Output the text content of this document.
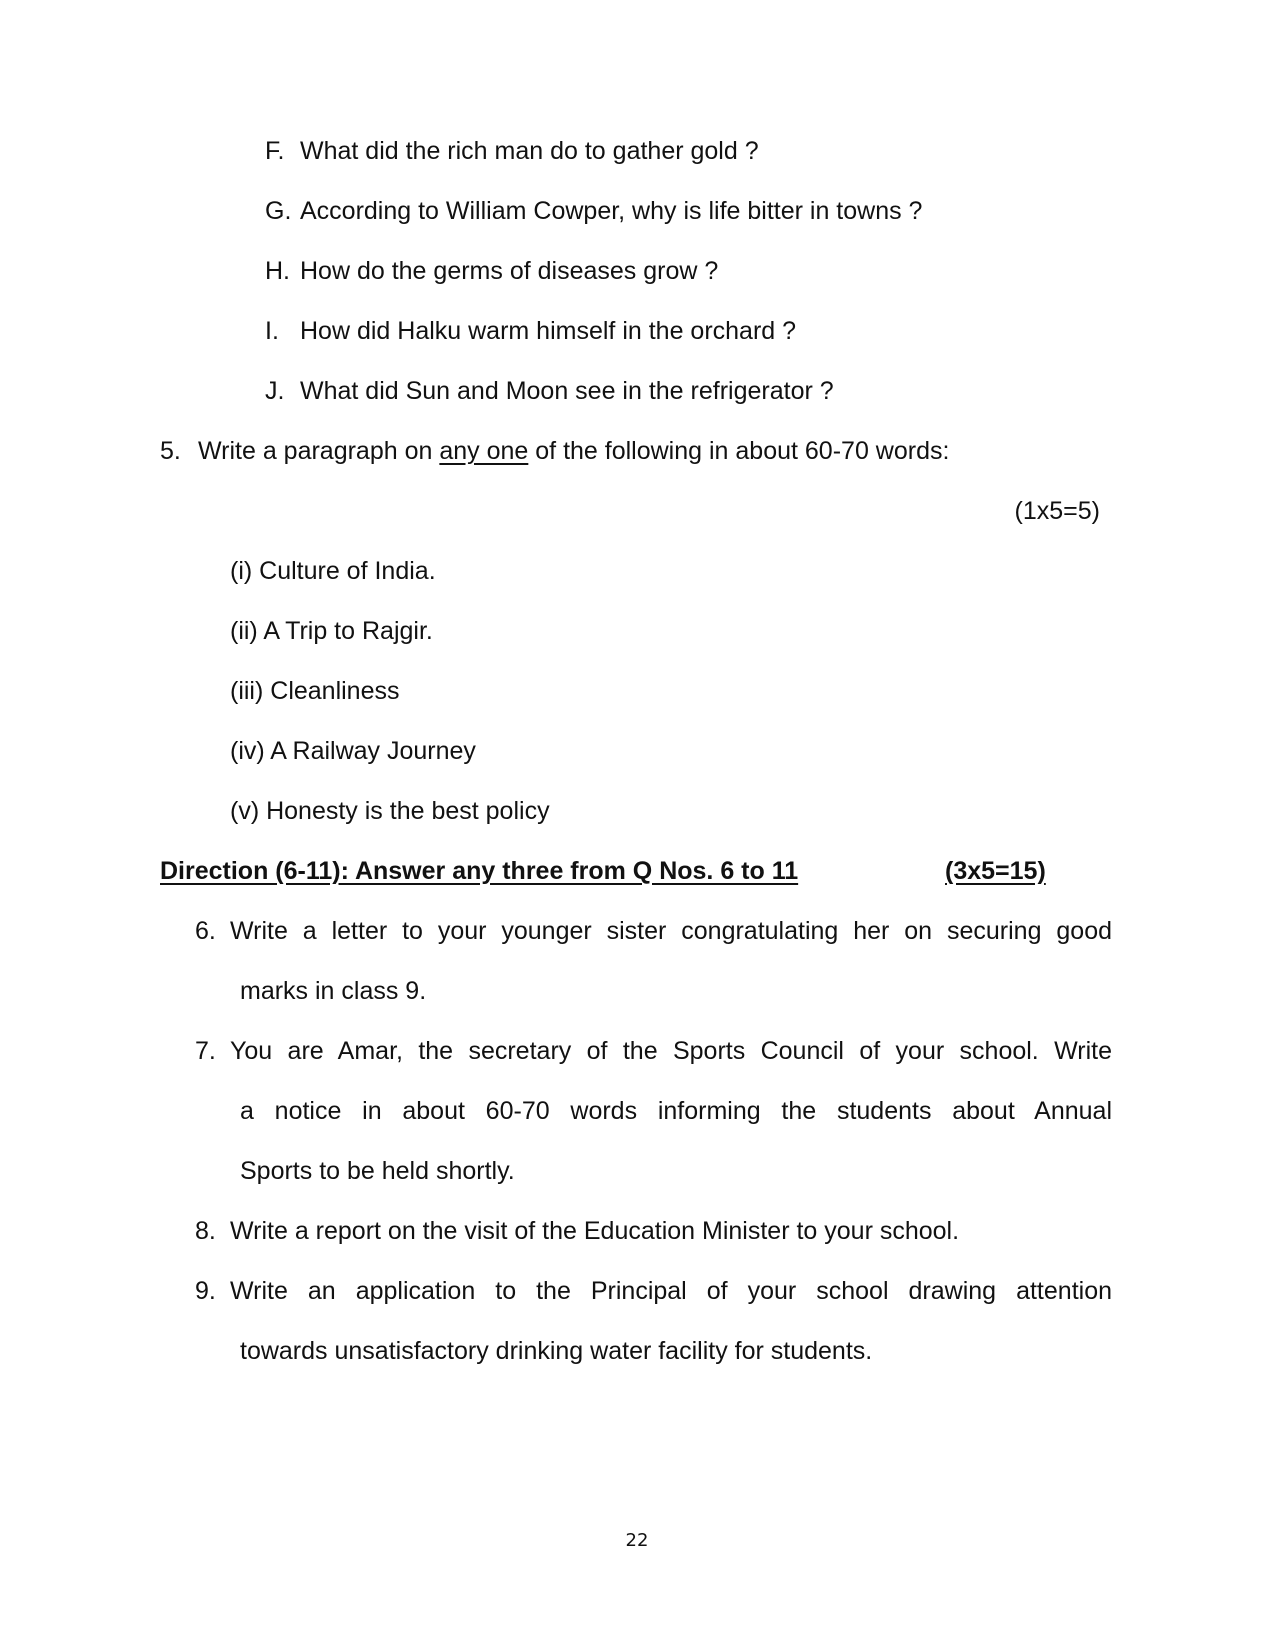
F. What did the rich man do to gather gold ?
G. According to William Cowper, why is life bitter in towns ?
H. How do the germs of diseases grow ?
I. How did Halku warm himself in the orchard ?
J. What did Sun and Moon see in the refrigerator ?
5. Write a paragraph on any one of the following in about 60-70 words:
(1x5=5)
(i) Culture of India.
(ii) A Trip to Rajgir.
(iii) Cleanliness
(iv) A Railway Journey
(v) Honesty is the best policy
Direction (6-11): Answer any three from Q Nos. 6 to 11	(3x5=15)
6. Write a letter to your younger sister congratulating her on securing good
marks in class 9.
7. You are Amar, the secretary of the Sports Council of your school. Write
a notice in about 60-70 words informing the students about Annual
Sports to be held shortly.
8. Write a report on the visit of the Education Minister to your school.
9. Write an application to the Principal of your school drawing attention
towards unsatisfactory drinking water facility for students.
22
